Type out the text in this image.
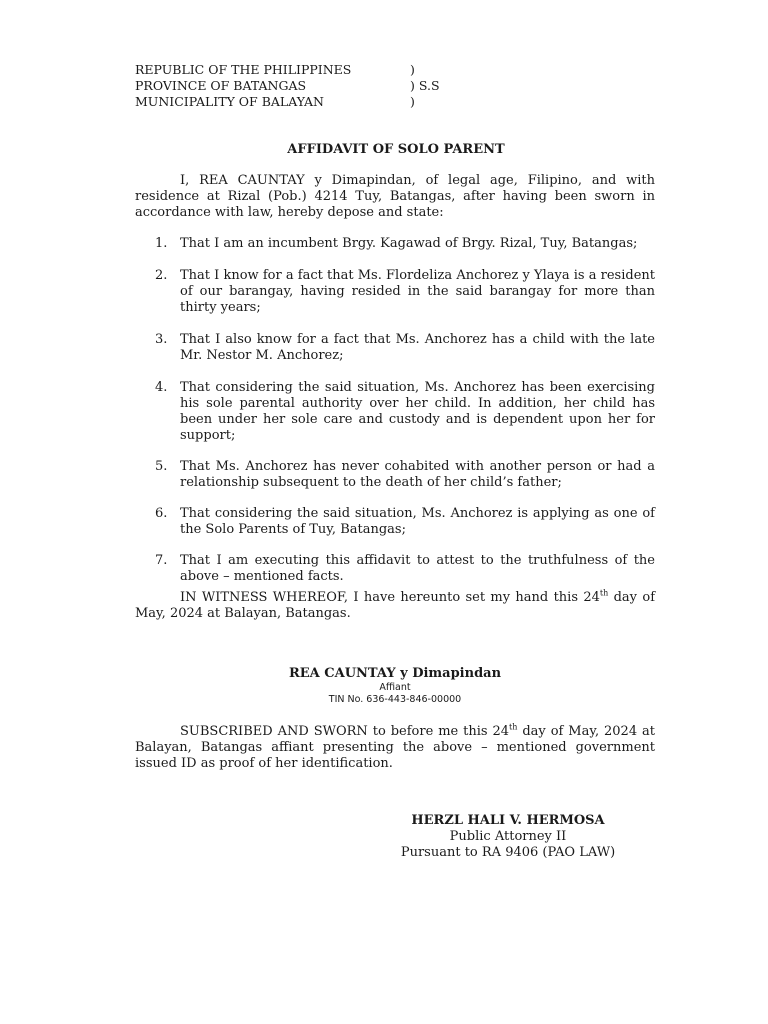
REPUBLIC OF THE PHILIPPINES	)
PROVINCE OF BATANGAS	) S.S
MUNICIPALITY OF BALAYAN	)
AFFIDAVIT OF SOLO PARENT

I, REA CAUNTAY y Dimapindan, of legal age, Filipino, and with residence at Rizal (Pob.) 4214 Tuy, Batangas, after having been sworn in accordance with law, hereby depose and state:

1. That I am an incumbent Brgy. Kagawad of Brgy. Rizal, Tuy, Batangas;
2. That I know for a fact that Ms. Flordeliza Anchorez y Ylaya is a resident of our barangay, having resided in the said barangay for more than thirty years;
3. That I also know for a fact that Ms. Anchorez has a child with the late Mr. Nestor M. Anchorez;
4. That considering the said situation, Ms. Anchorez has been exercising his sole parental authority over her child. In addition, her child has been under her sole care and custody and is dependent upon her for support;
5. That Ms. Anchorez has never cohabited with another person or had a relationship subsequent to the death of her child’s father;
6. That considering the said situation, Ms. Anchorez is applying as one of the Solo Parents of Tuy, Batangas;
7. That I am executing this affidavit to attest to the truthfulness of the above – mentioned facts.

IN WITNESS WHEREOF, I have hereunto set my hand this 24th day of May, 2024 at Balayan, Batangas.

REA CAUNTAY y Dimapindan
Affiant
TIN No. 636-443-846-00000

SUBSCRIBED AND SWORN to before me this 24th day of May, 2024 at Balayan, Batangas affiant presenting the above – mentioned government issued ID as proof of her identification.

HERZL HALI V. HERMOSA
Public Attorney II
Pursuant to RA 9406 (PAO LAW)
